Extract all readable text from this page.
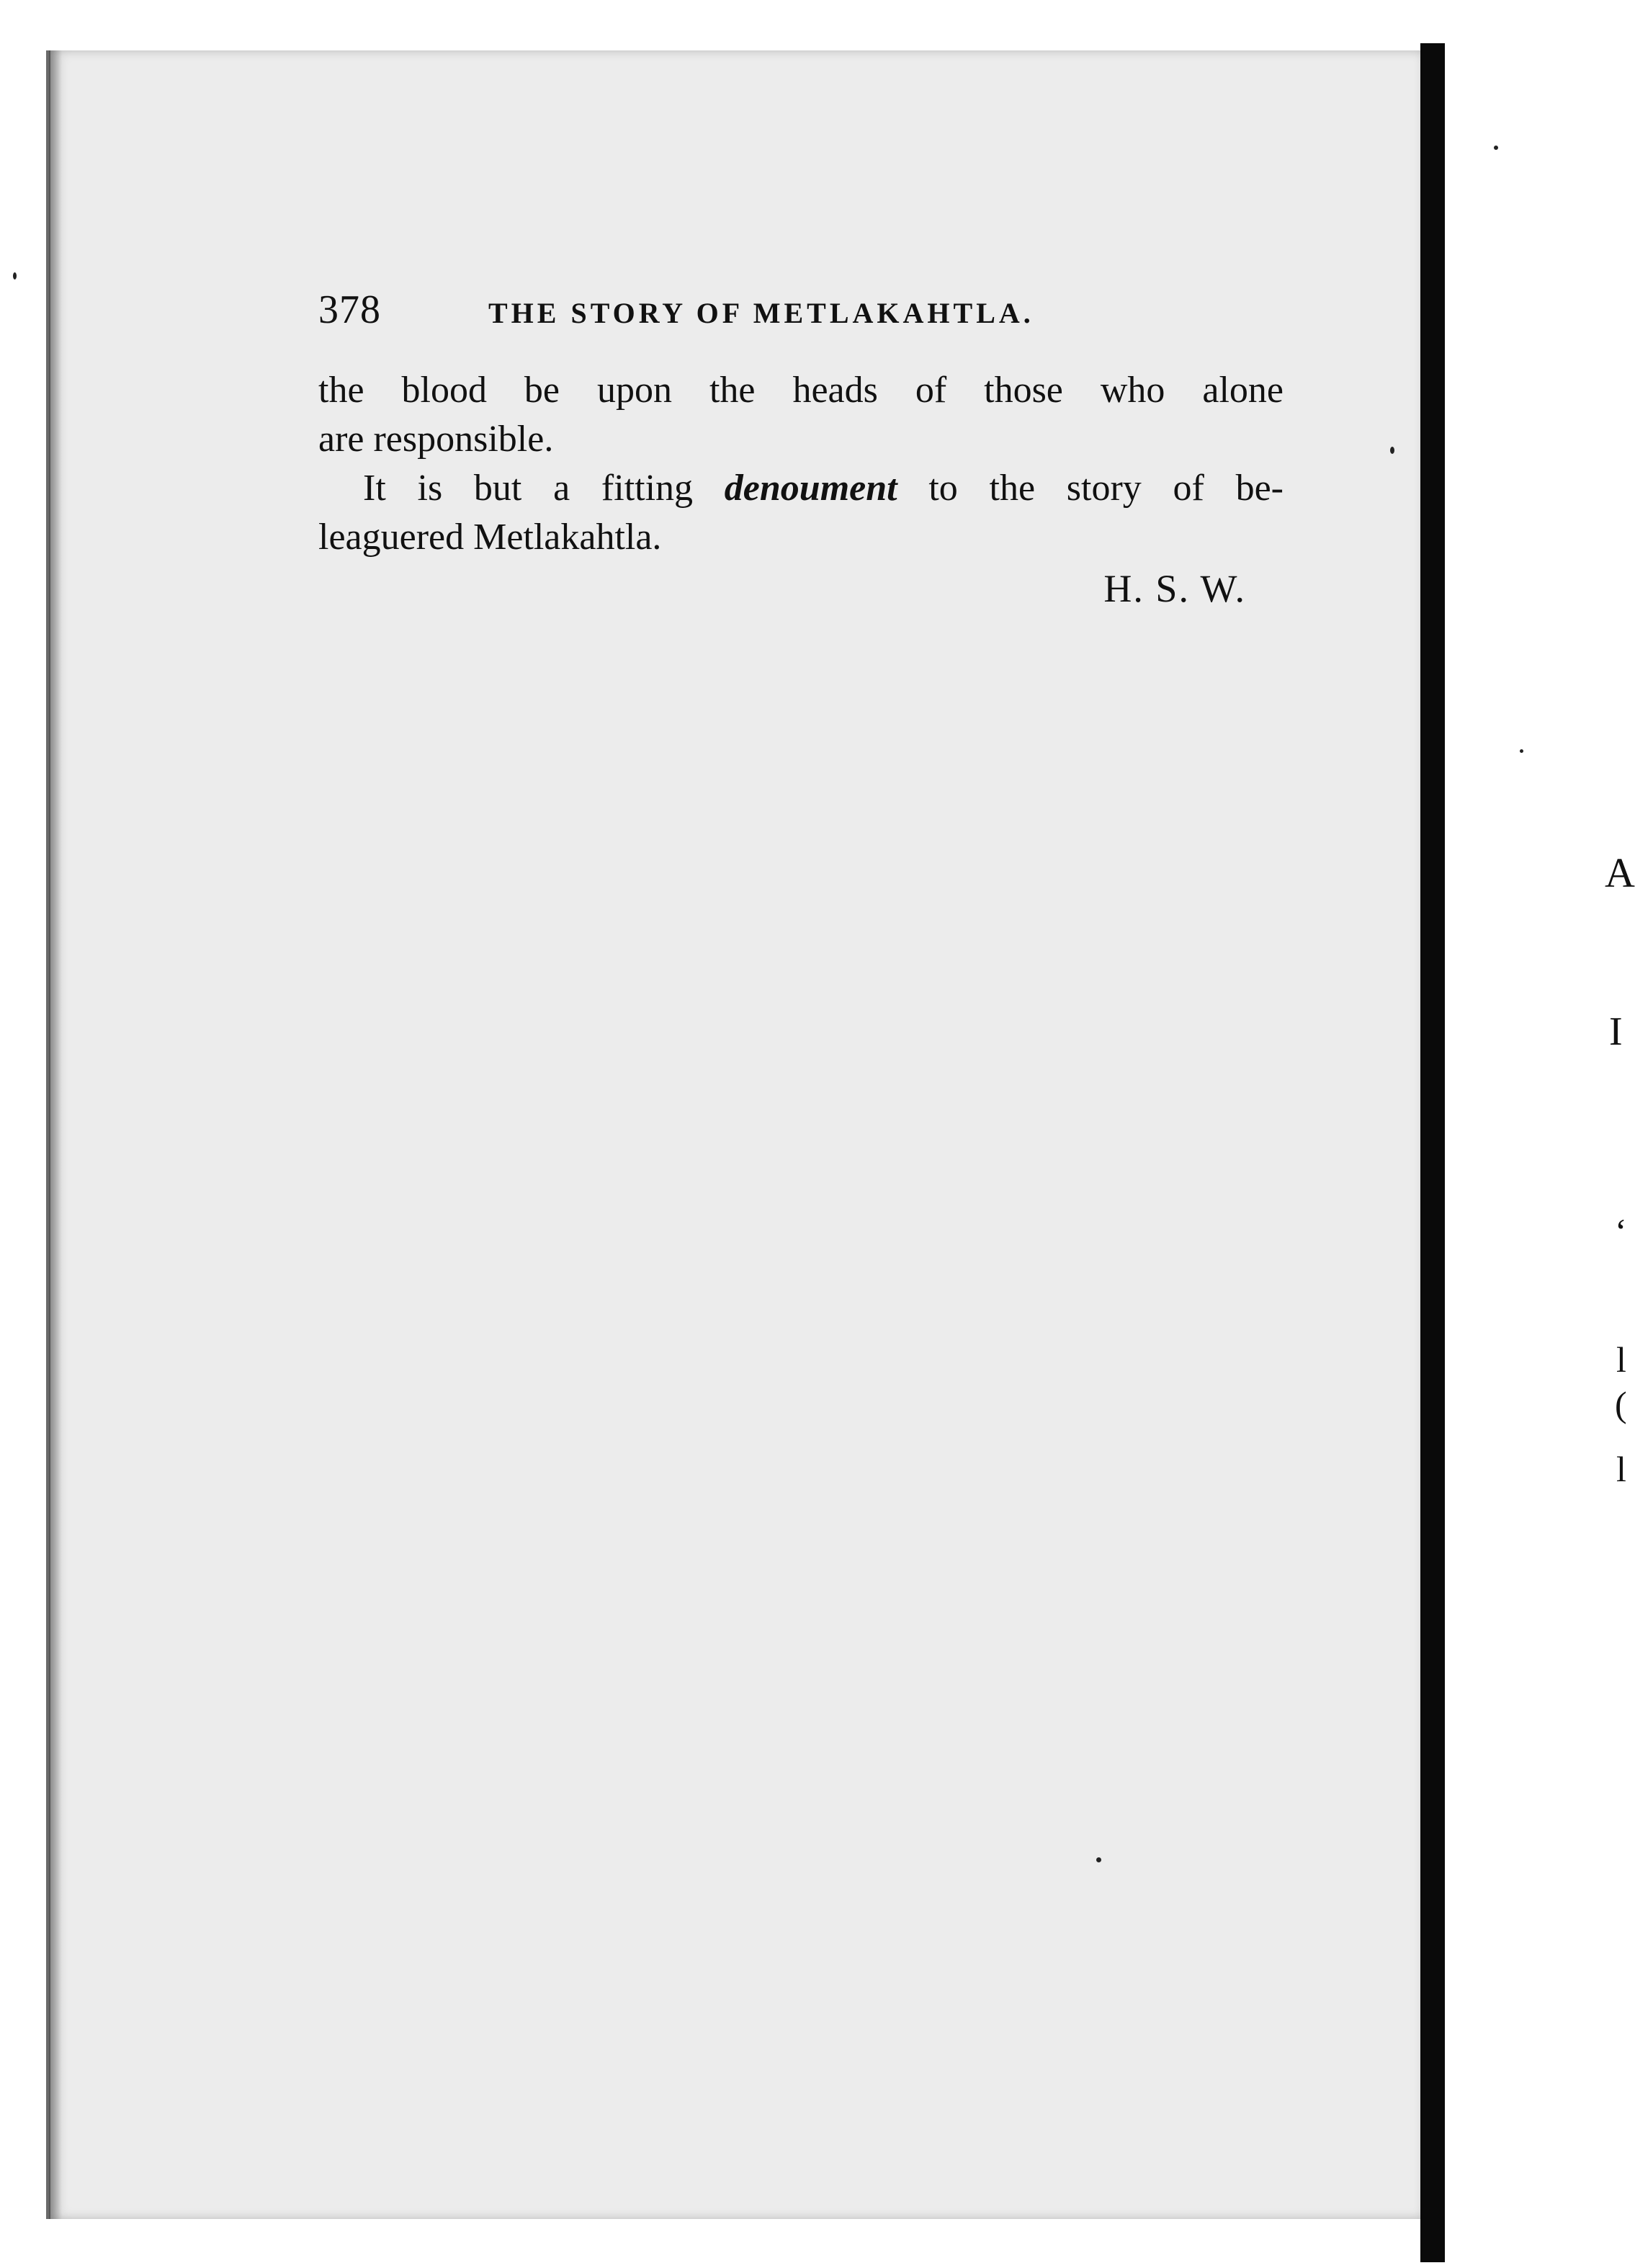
A
I
‘
l
(
l
378	THE STORY OF METLAKAHTLA.
the blood be upon the heads of those who alone
are responsible.
It is but a fitting denoument to the story of be-
leaguered Metlakahtla.
H. S. W.
